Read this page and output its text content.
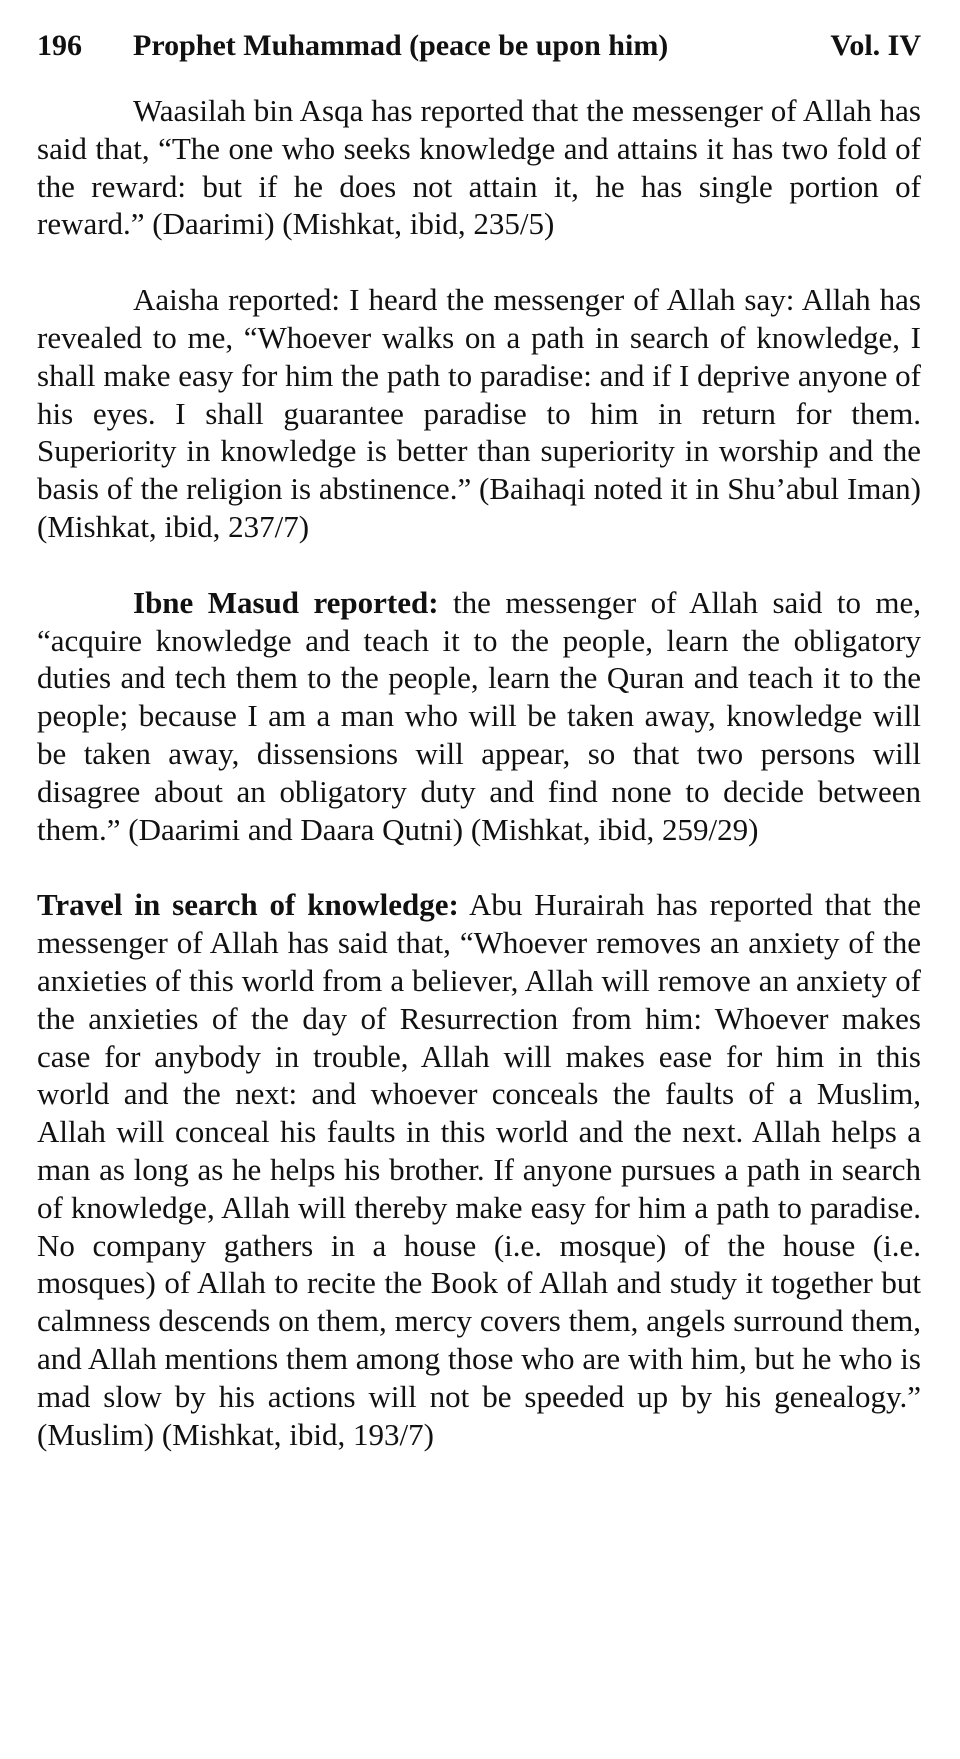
196	Prophet Muhammad (peace be upon him)	Vol. IV

Waasilah bin Asqa has reported that the messenger of Allah has said that, “The one who seeks knowledge and attains it has two fold of the reward: but if he does not attain it, he has single portion of reward.” (Daarimi) (Mishkat, ibid, 235/5)

Aaisha reported: I heard the messenger of Allah say: Allah has revealed to me, “Whoever walks on a path in search of knowledge, I shall make easy for him the path to paradise: and if I deprive anyone of his eyes. I shall guarantee paradise to him in return for them. Superiority in knowledge is better than superiority in worship and the basis of the religion is abstinence.” (Baihaqi noted it in Shu’abul Iman) (Mishkat, ibid, 237/7)

Ibne Masud reported: the messenger of Allah said to me, “acquire knowledge and teach it to the people, learn the obligatory duties and tech them to the people, learn the Quran and teach it to the people; because I am a man who will be taken away, knowledge will be taken away, dissensions will appear, so that two persons will disagree about an obligatory duty and find none to decide between them.” (Daarimi and Daara Qutni) (Mishkat, ibid, 259/29)

Travel in search of knowledge: Abu Hurairah has reported that the messenger of Allah has said that, “Whoever removes an anxiety of the anxieties of this world from a believer, Allah will remove an anxiety of the anxieties of the day of Resurrection from him: Whoever makes case for anybody in trouble, Allah will makes ease for him in this world and the next: and whoever conceals the faults of a Muslim, Allah will conceal his faults in this world and the next. Allah helps a man as long as he helps his brother. If anyone pursues a path in search of knowledge, Allah will thereby make easy for him a path to paradise. No company gathers in a house (i.e. mosque) of the house (i.e. mosques) of Allah to recite the Book of Allah and study it together but calmness descends on them, mercy covers them, angels surround them, and Allah mentions them among those who are with him, but he who is mad slow by his actions will not be speeded up by his genealogy.” (Muslim) (Mishkat, ibid, 193/7)
